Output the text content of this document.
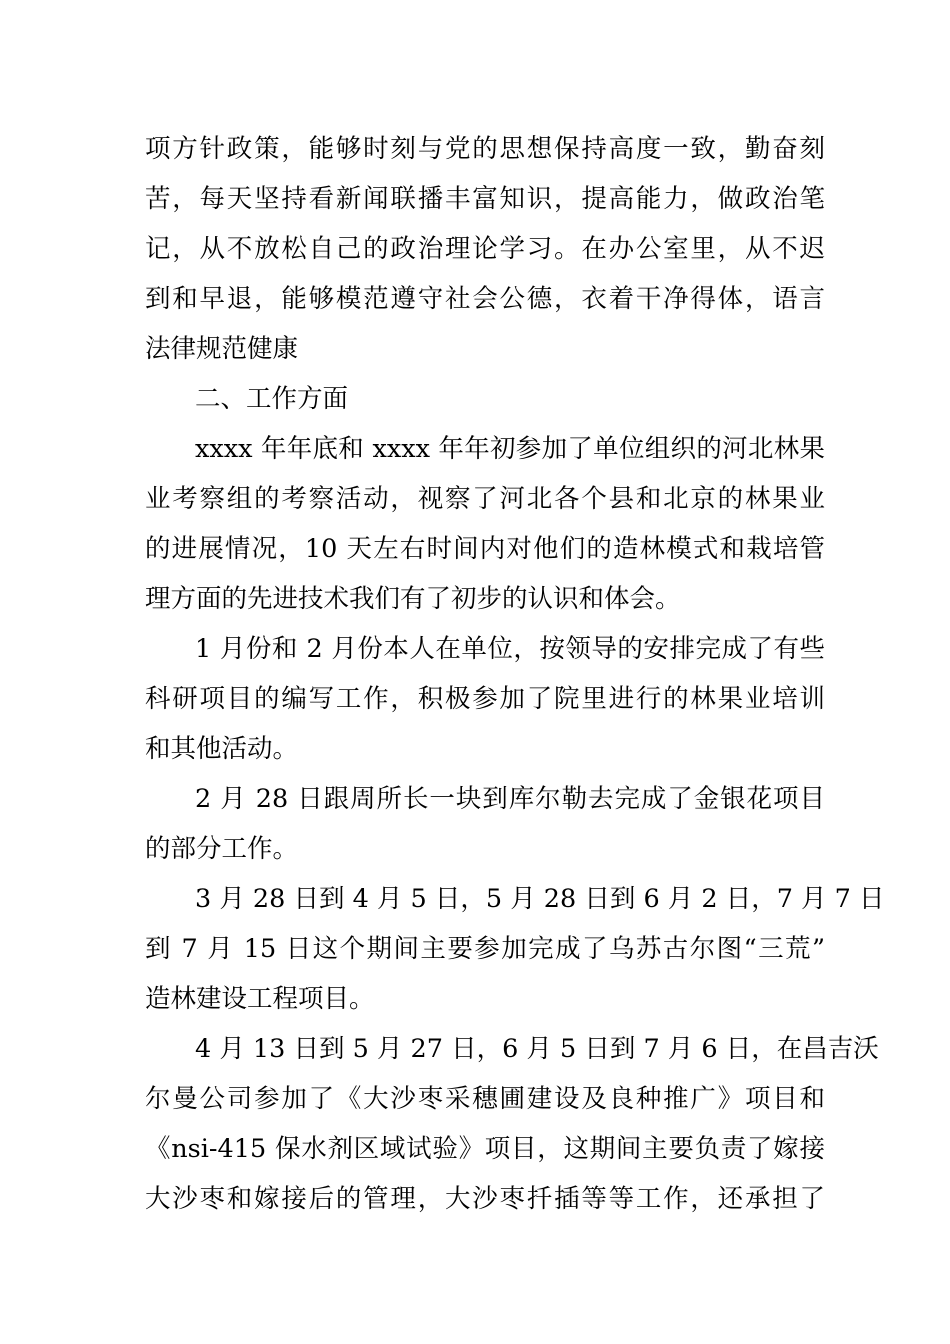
项方针政策，能够时刻与党的思想保持高度一致，勤奋刻
苦，每天坚持看新闻联播丰富知识，提高能力，做政治笔
记，从不放松自己的政治理论学习。在办公室里，从不迟
到和早退，能够模范遵守社会公德，衣着干净得体，语言
法律规范健康
二、工作方面
xxxx 年年底和 xxxx 年年初参加了单位组织的河北林果
业考察组的考察活动，视察了河北各个县和北京的林果业
的进展情况，10 天左右时间内对他们的造林模式和栽培管
理方面的先进技术我们有了初步的认识和体会。
1 月份和 2 月份本人在单位，按领导的安排完成了有些
科研项目的编写工作，积极参加了院里进行的林果业培训
和其他活动。
2 月 28 日跟周所长一块到库尔勒去完成了金银花项目
的部分工作。
3 月 28 日到 4 月 5 日，5 月 28 日到 6 月 2 日，7 月 7 日
到 7 月 15 日这个期间主要参加完成了乌苏古尔图“三荒”
造林建设工程项目。
4 月 13 日到 5 月 27 日，6 月 5 日到 7 月 6 日，在昌吉沃
尔曼公司参加了《大沙枣采穗圃建设及良种推广》项目和
《nsi-415 保水剂区域试验》项目，这期间主要负责了嫁接
大沙枣和嫁接后的管理，大沙枣扦插等等工作，还承担了
